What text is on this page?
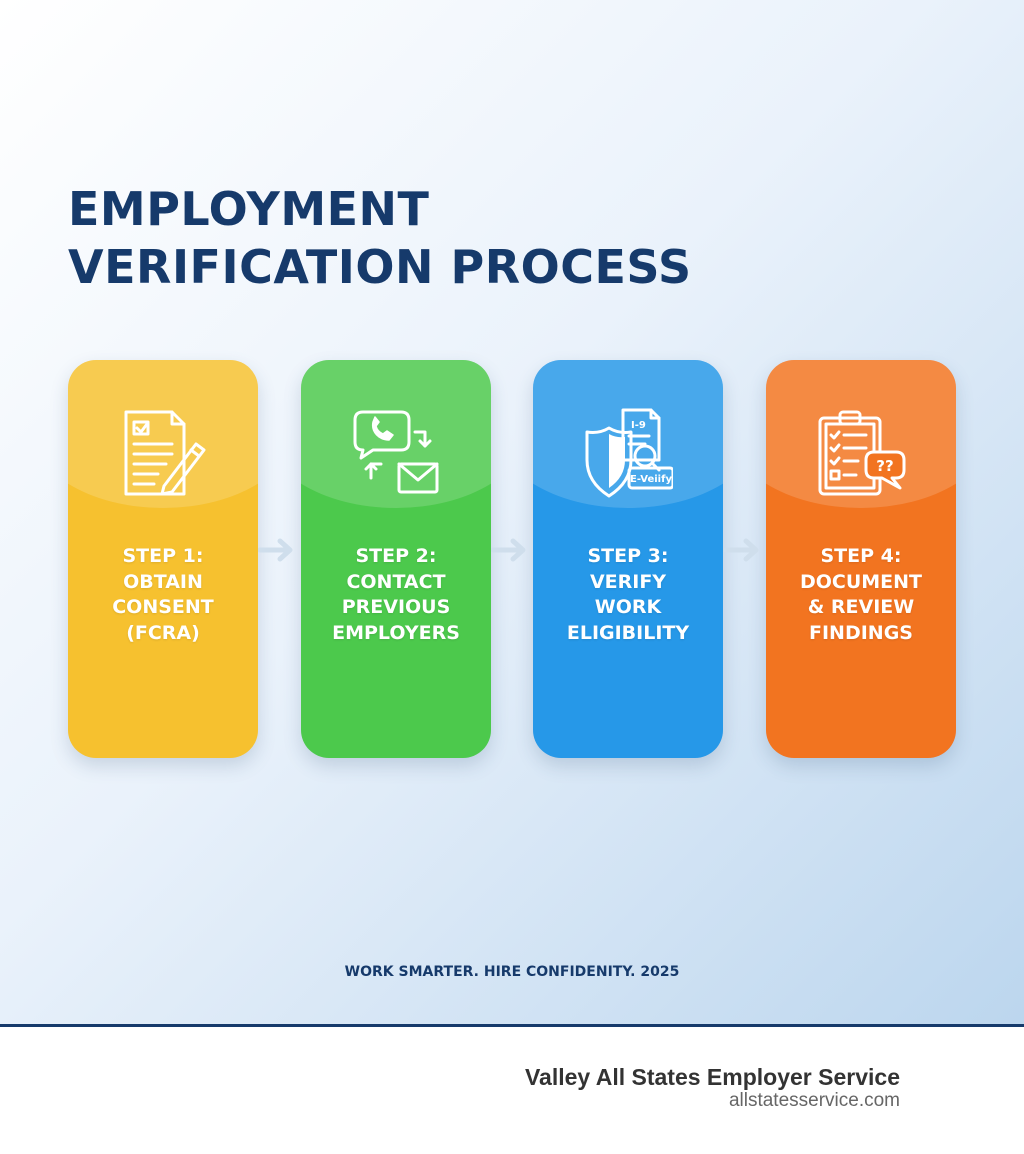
EMPLOYMENT
VERIFICATION PROCESS
STEP 1:
OBTAIN
CONSENT
(FCRA)
STEP 2:
CONTACT
PREVIOUS
EMPLOYERS
I-9
E-Veiify
STEP 3:
VERIFY
WORK
ELIGIBILITY
??
STEP 4:
DOCUMENT
& REVIEW
FINDINGS
WORK SMARTER. HIRE CONFIDENITY. 2025
Valley All States Employer Service
allstatesservice.com
